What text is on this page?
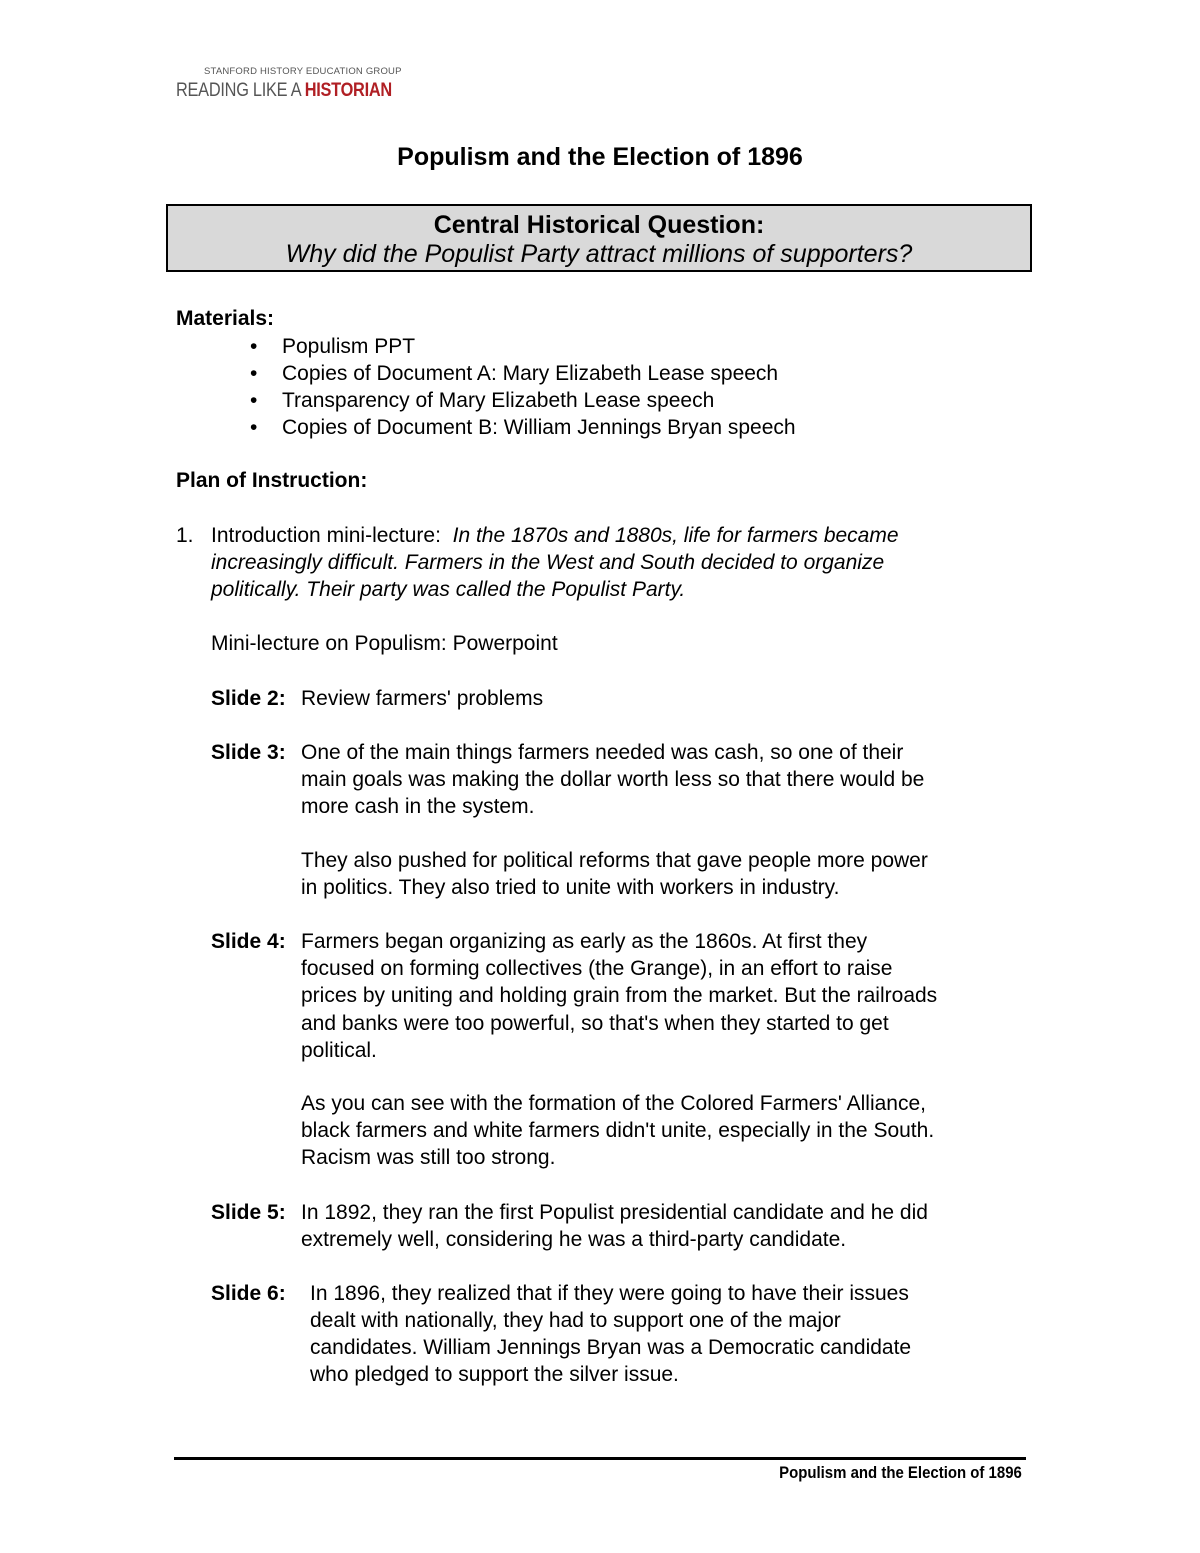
STANFORD HISTORY EDUCATION GROUP
READING LIKE A HISTORIAN
Populism and the Election of 1896
Central Historical Question:
Why did the Populist Party attract millions of supporters?
Materials:
• Populism PPT
• Copies of Document A: Mary Elizabeth Lease speech
• Transparency of Mary Elizabeth Lease speech
• Copies of Document B: William Jennings Bryan speech
Plan of Instruction:
1. Introduction mini-lecture: In the 1870s and 1880s, life for farmers became
increasingly difficult. Farmers in the West and South decided to organize
politically. Their party was called the Populist Party.
Mini-lecture on Populism: Powerpoint
Slide 2: Review farmers' problems
Slide 3: One of the main things farmers needed was cash, so one of their
main goals was making the dollar worth less so that there would be
more cash in the system.
They also pushed for political reforms that gave people more power
in politics. They also tried to unite with workers in industry.
Slide 4: Farmers began organizing as early as the 1860s. At first they
focused on forming collectives (the Grange), in an effort to raise
prices by uniting and holding grain from the market. But the railroads
and banks were too powerful, so that's when they started to get
political.
As you can see with the formation of the Colored Farmers' Alliance,
black farmers and white farmers didn't unite, especially in the South.
Racism was still too strong.
Slide 5: In 1892, they ran the first Populist presidential candidate and he did
extremely well, considering he was a third-party candidate.
Slide 6: In 1896, they realized that if they were going to have their issues
dealt with nationally, they had to support one of the major
candidates. William Jennings Bryan was a Democratic candidate
who pledged to support the silver issue.
Populism and the Election of 1896
